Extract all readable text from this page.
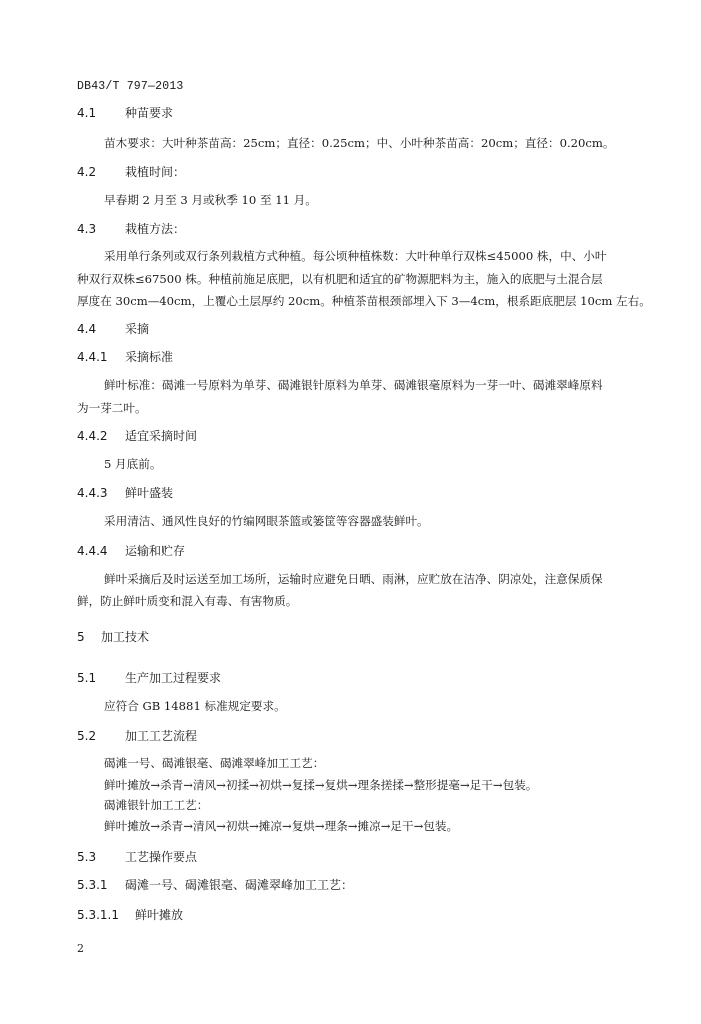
DB43/T 797—2013
4.1 种苗要求
苗木要求：大叶种茶苗高：25cm；直径：0.25cm；中、小叶种茶苗高：20cm；直径：0.20cm。
4.2 栽植时间：
早春期 2 月至 3 月或秋季 10 至 11 月。
4.3 栽植方法：
采用单行条列或双行条列栽植方式种植。每公顷种植株数：大叶种单行双株≤45000 株，中、小叶
种双行双株≤67500 株。种植前施足底肥，以有机肥和适宜的矿物源肥料为主，施入的底肥与土混合层
厚度在 30cm—40cm，上覆心土层厚约 20cm。种植茶苗根颈部埋入下 3—4cm，根系距底肥层 10cm 左右。
4.4 采摘
4.4.1 采摘标准
鲜叶标准：碣滩一号原料为单芽、碣滩银针原料为单芽、碣滩银毫原料为一芽一叶、碣滩翠峰原料
为一芽二叶。
4.4.2 适宜采摘时间
5 月底前。
4.4.3 鲜叶盛装
采用清洁、通风性良好的竹编网眼茶篮或篓筐等容器盛装鲜叶。
4.4.4 运输和贮存
鲜叶采摘后及时运送至加工场所，运输时应避免日晒、雨淋，应贮放在洁净、阴凉处，注意保质保
鲜，防止鲜叶质变和混入有毒、有害物质。
5 加工技术
5.1 生产加工过程要求
应符合 GB 14881 标准规定要求。
5.2 加工工艺流程
碣滩一号、碣滩银毫、碣滩翠峰加工工艺：
鲜叶摊放→杀青→清风→初揉→初烘→复揉→复烘→理条搓揉→整形提毫→足干→包装。
碣滩银针加工工艺：
鲜叶摊放→杀青→清风→初烘→摊凉→复烘→理条→摊凉→足干→包装。
5.3 工艺操作要点
5.3.1 碣滩一号、碣滩银毫、碣滩翠峰加工工艺：
5.3.1.1 鲜叶摊放
2
